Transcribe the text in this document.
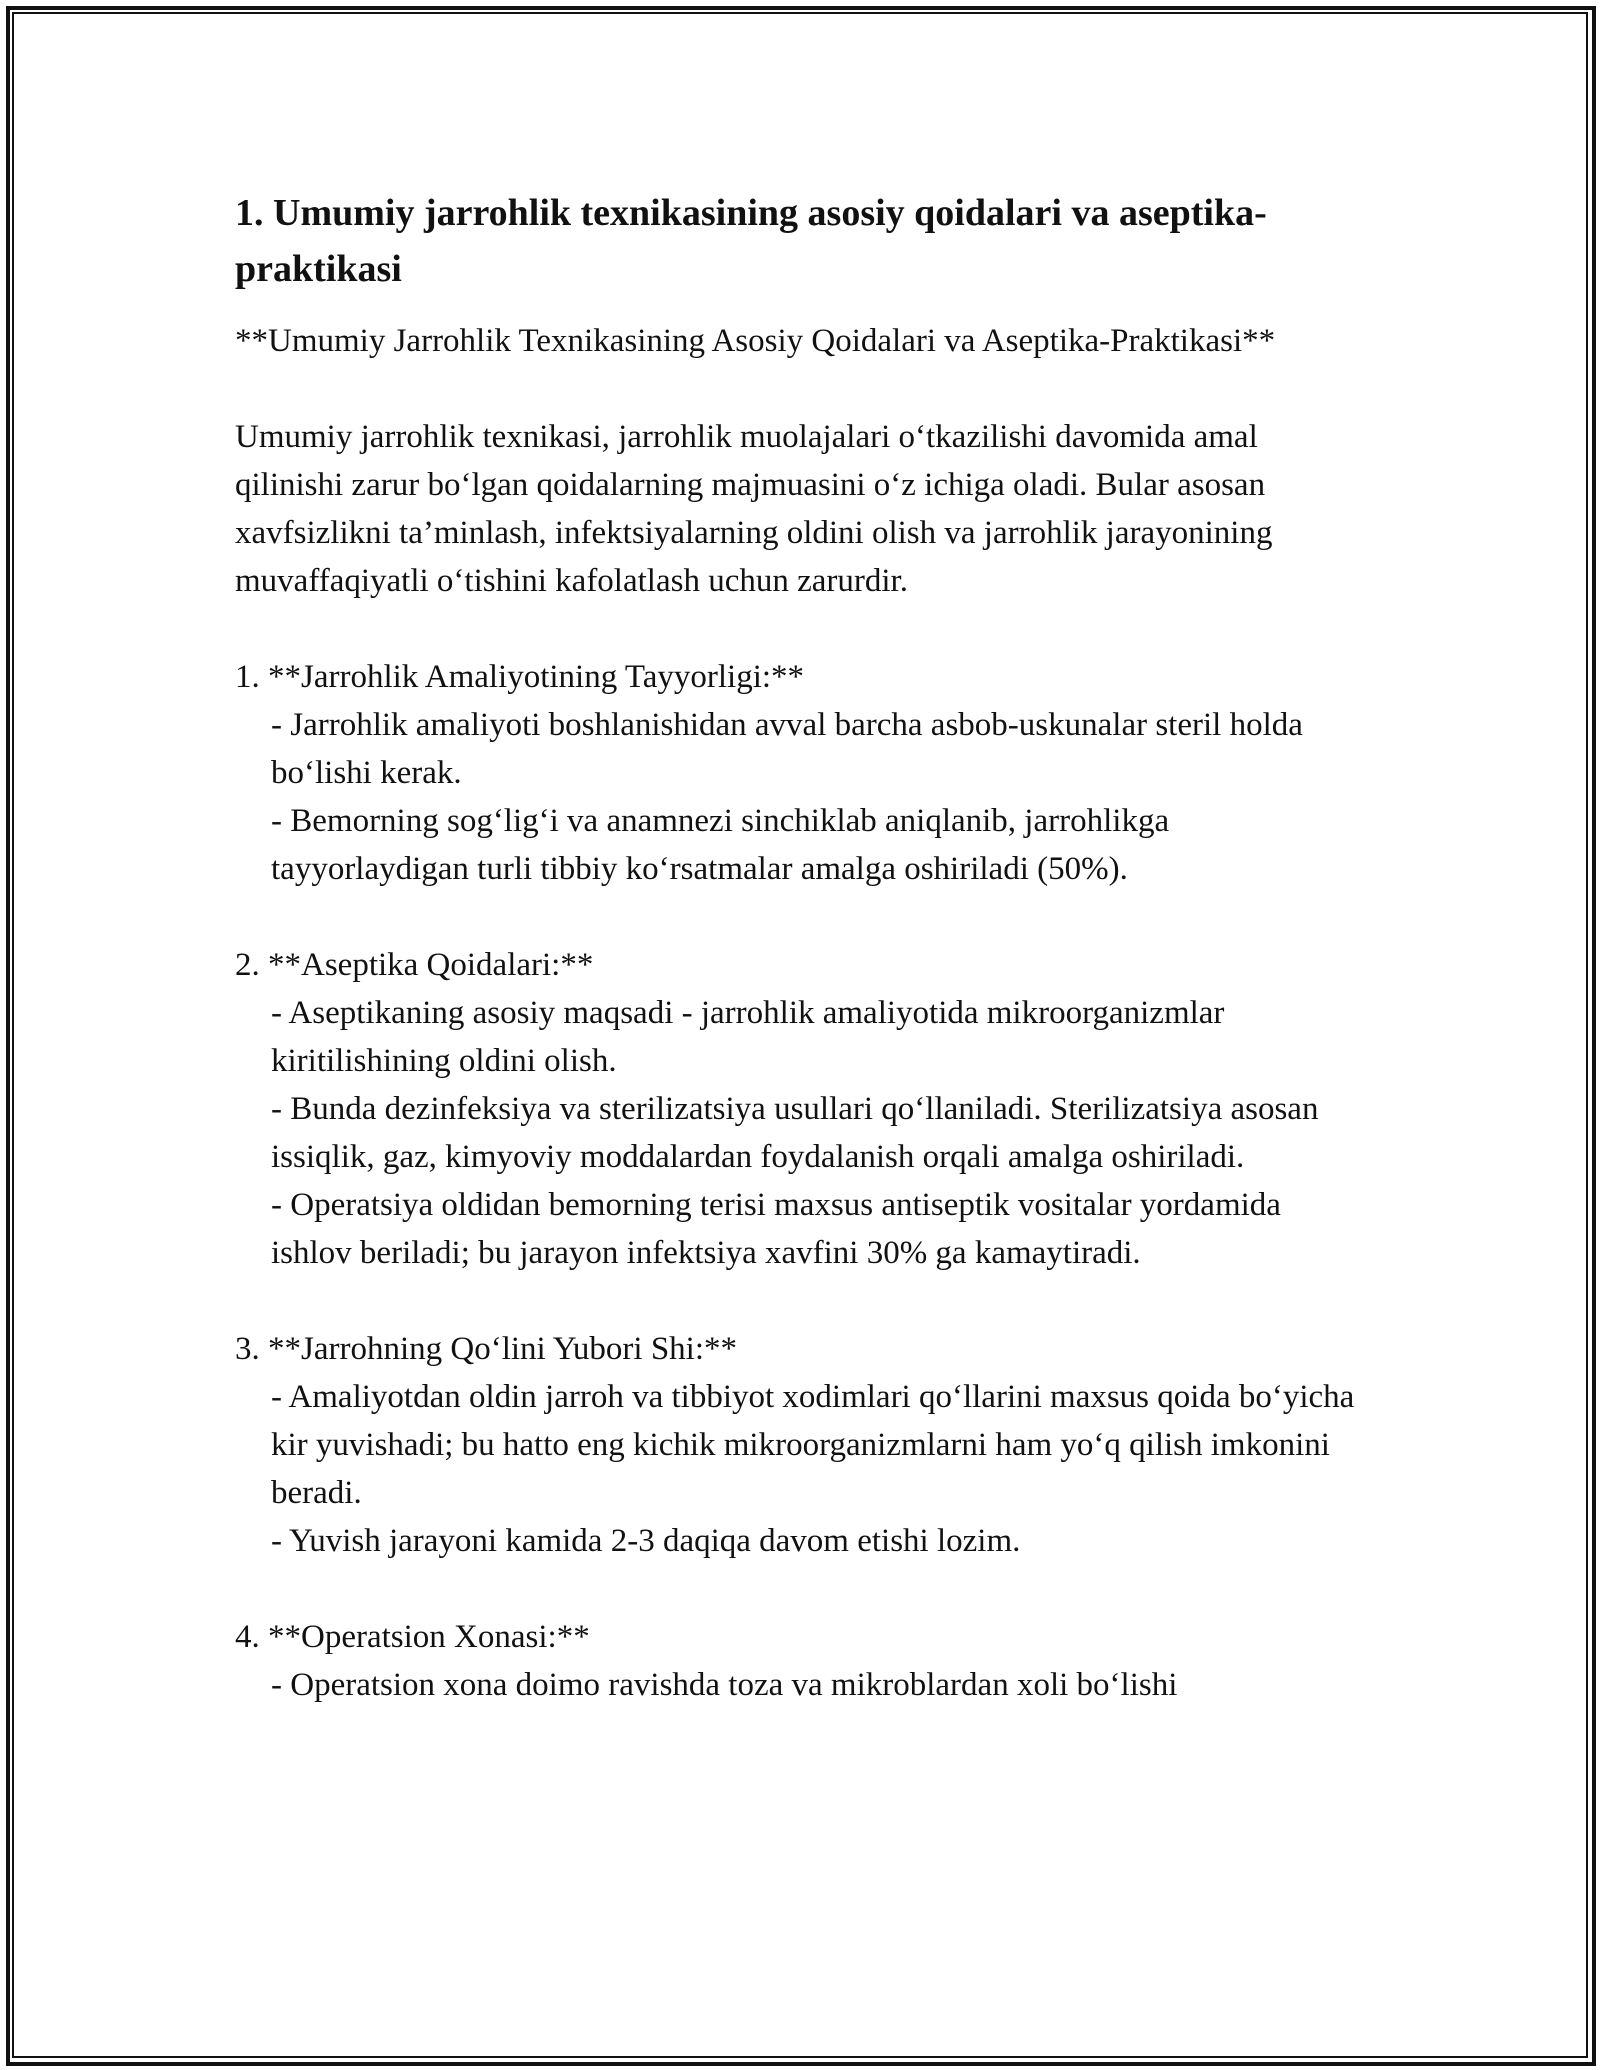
1. Umumiy jarrohlik texnikasining asosiy qoidalari va aseptika-praktikasi

**Umumiy Jarrohlik Texnikasining Asosiy Qoidalari va Aseptika-Praktikasi**

Umumiy jarrohlik texnikasi, jarrohlik muolajalari o‘tkazilishi davomida amal qilinishi zarur bo‘lgan qoidalarning majmuasini o‘z ichiga oladi. Bular asosan xavfsizlikni ta’minlash, infektsiyalarning oldini olish va jarrohlik jarayonining muvaffaqiyatli o‘tishini kafolatlash uchun zarurdir.

1. **Jarrohlik Amaliyotining Tayyorligi:**

- Jarrohlik amaliyoti boshlanishidan avval barcha asbob-uskunalar steril holda bo‘lishi kerak.

- Bemorning sog‘lig‘i va anamnezi sinchiklab aniqlanib, jarrohlikga tayyorlaydigan turli tibbiy ko‘rsatmalar amalga oshiriladi (50%).

2. **Aseptika Qoidalari:**

- Aseptikaning asosiy maqsadi - jarrohlik amaliyotida mikroorganizmlar kiritilishining oldini olish.

- Bunda dezinfeksiya va sterilizatsiya usullari qo‘llaniladi. Sterilizatsiya asosan issiqlik, gaz, kimyoviy moddalardan foydalanish orqali amalga oshiriladi.

- Operatsiya oldidan bemorning terisi maxsus antiseptik vositalar yordamida ishlov beriladi; bu jarayon infektsiya xavfini 30% ga kamaytiradi.

3. **Jarrohning Qo‘lini Yubori Shi:**

- Amaliyotdan oldin jarroh va tibbiyot xodimlari qo‘llarini maxsus qoida bo‘yicha kir yuvishadi; bu hatto eng kichik mikroorganizmlarni ham yo‘q qilish imkonini beradi.

- Yuvish jarayoni kamida 2-3 daqiqa davom etishi lozim.

4. **Operatsion Xonasi:**

- Operatsion xona doimo ravishda toza va mikroblardan xoli bo‘lishi
